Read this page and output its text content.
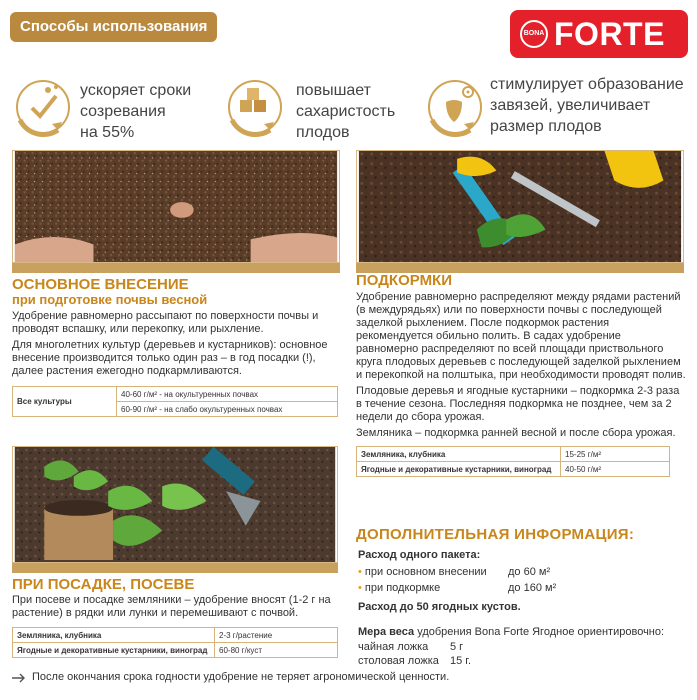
Способы использования	BONA FORTE
ускоряет сроки
созревания
на 55%
повышает
сахаристость
плодов
стимулирует образование
завязей, увеличивает
размер плодов
ОСНОВНОЕ ВНЕСЕНИЕ
при подготовке почвы весной
Удобрение равномерно рассыпают по поверхности почвы и проводят вспашку, или перекопку, или рыхление.
Для многолетних культур (деревьев и кустарников): основное внесение производится только один раз – в год посадки (!), далее растения ежегодно подкармливаются.
Все культуры	40-60 г/м² - на окультуренных почвах
60-90 г/м² - на слабо окультуренных почвах
ПОДКОРМКИ
Удобрение равномерно распределяют между рядами растений (в междурядьях) или по поверхности почвы с последующей заделкой рыхлением. После подкормок растения рекомендуется обильно полить. В садах удобрение равномерно распределяют по всей площади приствольного круга плодовых деревьев с последующей заделкой рыхлением и перекопкой на полштыка, при необходимости проводят полив.
Плодовые деревья и ягодные кустарники – подкормка 2-3 раза в течение сезона. Последняя подкормка не позднее, чем за 2 недели до сбора урожая.
Земляника – подкормка ранней весной и после сбора урожая.
Земляника, клубника	15-25 г/м²
Ягодные и декоративные кустарники, виноград	40-50 г/м²
ПРИ ПОСАДКЕ, ПОСЕВЕ
При посеве и посадке земляники – удобрение вносят (1-2 г на растение) в рядки или лунки и перемешивают с почвой.
Земляника, клубника	2-3 г/растение
Ягодные и декоративные кустарники, виноград	60-80 г/куст
ДОПОЛНИТЕЛЬНАЯ ИНФОРМАЦИЯ:
Расход одного пакета:
• при основном внесении до 60 м²
• при подкормке	до 160 м²
Расход до 50 ягодных кустов.
Мера веса удобрения Bona Forte Ягодное ориентировочно:
чайная ложка 5 г
столовая ложка 15 г.
После окончания срока годности удобрение не теряет агрономической ценности.
